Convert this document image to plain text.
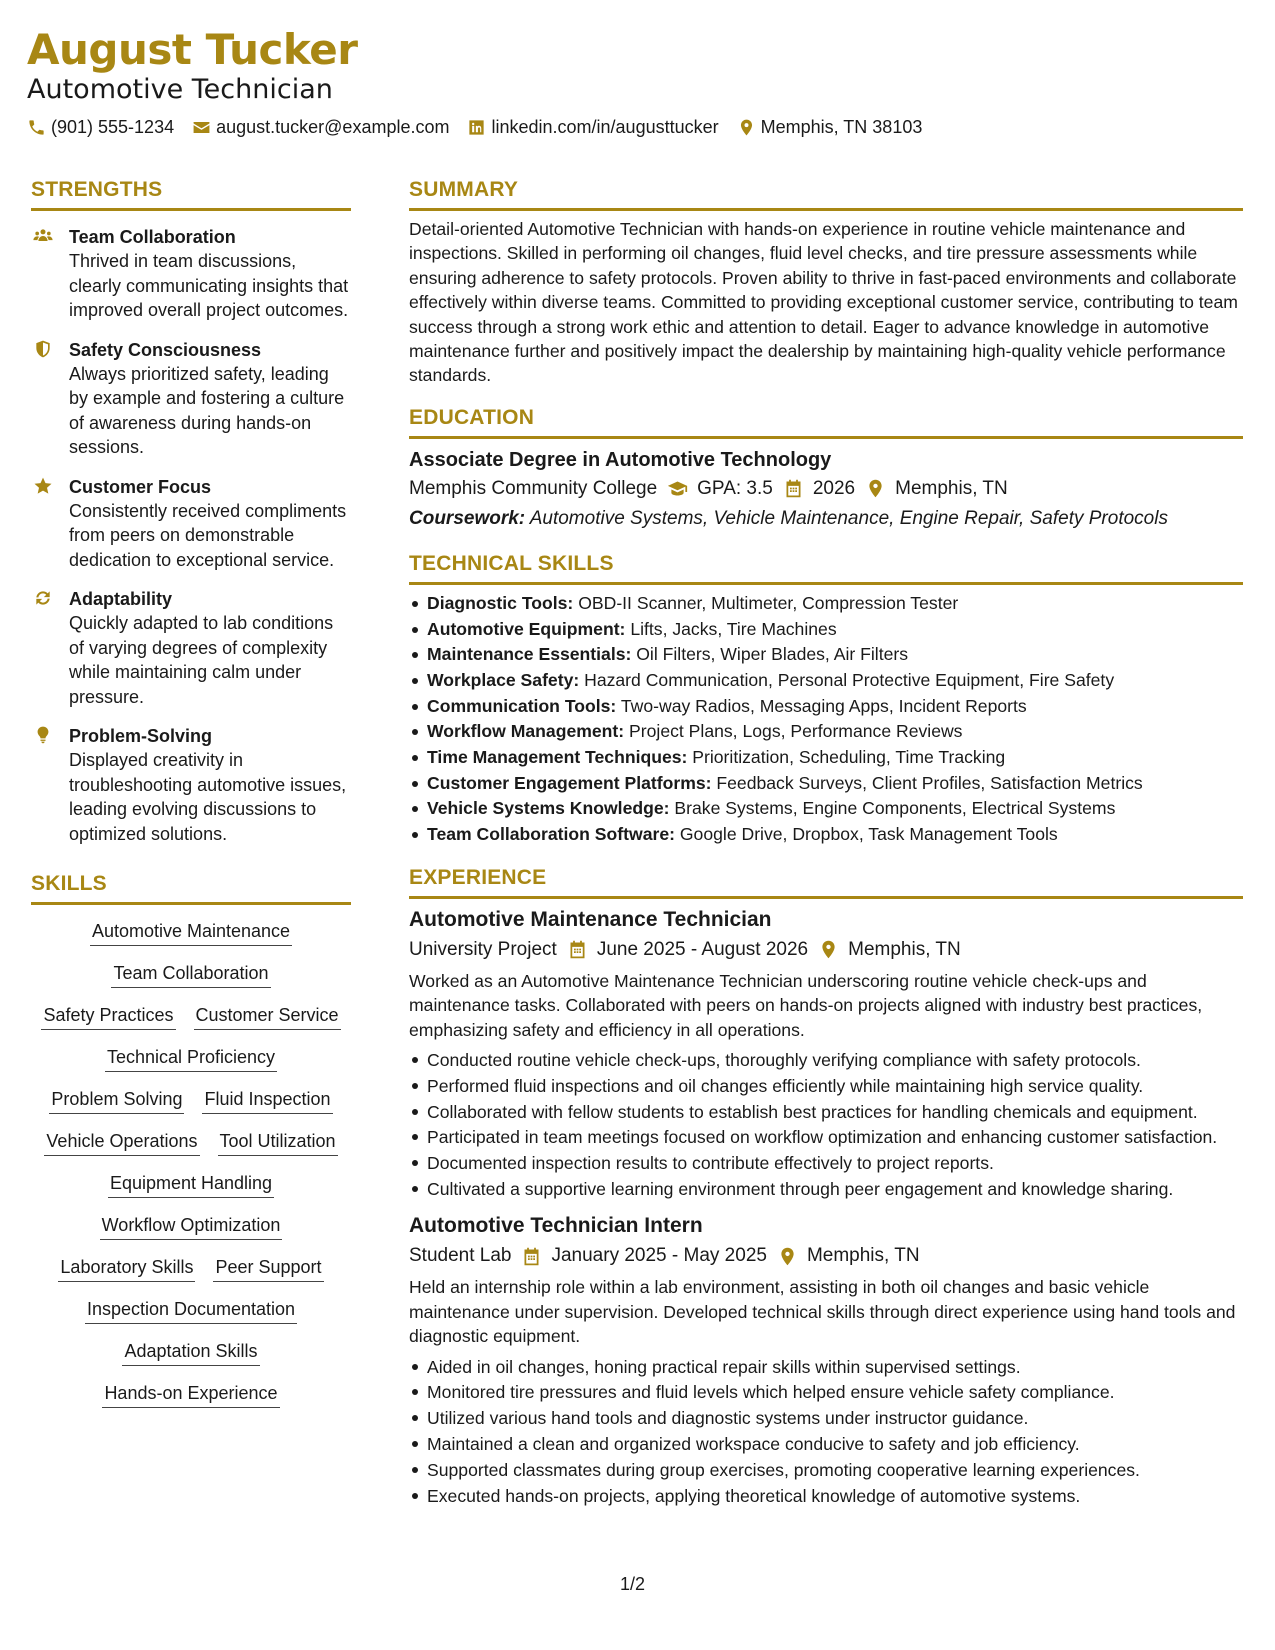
August Tucker
Automotive Technician
(901) 555-1234 august.tucker@example.com linkedin.com/in/augusttucker Memphis, TN 38103
STRENGTHS
Team Collaboration
Thrived in team discussions, clearly communicating insights that improved overall project outcomes.
Safety Consciousness
Always prioritized safety, leading by example and fostering a culture of awareness during hands-on sessions.
Customer Focus
Consistently received compliments from peers on demonstrable dedication to exceptional service.
Adaptability
Quickly adapted to lab conditions of varying degrees of complexity while maintaining calm under pressure.
Problem-Solving
Displayed creativity in troubleshooting automotive issues, leading evolving discussions to optimized solutions.
SKILLS
Automotive Maintenance
Team Collaboration
Safety Practices Customer Service
Technical Proficiency
Problem Solving Fluid Inspection
Vehicle Operations Tool Utilization
Equipment Handling
Workflow Optimization
Laboratory Skills Peer Support
Inspection Documentation
Adaptation Skills
Hands-on Experience
SUMMARY
Detail-oriented Automotive Technician with hands-on experience in routine vehicle maintenance and inspections. Skilled in performing oil changes, fluid level checks, and tire pressure assessments while ensuring adherence to safety protocols. Proven ability to thrive in fast-paced environments and collaborate effectively within diverse teams. Committed to providing exceptional customer service, contributing to team success through a strong work ethic and attention to detail. Eager to advance knowledge in automotive maintenance further and positively impact the dealership by maintaining high-quality vehicle performance standards.
EDUCATION
Associate Degree in Automotive Technology
Memphis Community College GPA: 3.5 2026 Memphis, TN
Coursework: Automotive Systems, Vehicle Maintenance, Engine Repair, Safety Protocols
TECHNICAL SKILLS
Diagnostic Tools: OBD-II Scanner, Multimeter, Compression Tester
Automotive Equipment: Lifts, Jacks, Tire Machines
Maintenance Essentials: Oil Filters, Wiper Blades, Air Filters
Workplace Safety: Hazard Communication, Personal Protective Equipment, Fire Safety
Communication Tools: Two-way Radios, Messaging Apps, Incident Reports
Workflow Management: Project Plans, Logs, Performance Reviews
Time Management Techniques: Prioritization, Scheduling, Time Tracking
Customer Engagement Platforms: Feedback Surveys, Client Profiles, Satisfaction Metrics
Vehicle Systems Knowledge: Brake Systems, Engine Components, Electrical Systems
Team Collaboration Software: Google Drive, Dropbox, Task Management Tools
EXPERIENCE
Automotive Maintenance Technician
University Project June 2025 - August 2026 Memphis, TN
Worked as an Automotive Maintenance Technician underscoring routine vehicle check-ups and maintenance tasks. Collaborated with peers on hands-on projects aligned with industry best practices, emphasizing safety and efficiency in all operations.
Conducted routine vehicle check-ups, thoroughly verifying compliance with safety protocols.
Performed fluid inspections and oil changes efficiently while maintaining high service quality.
Collaborated with fellow students to establish best practices for handling chemicals and equipment.
Participated in team meetings focused on workflow optimization and enhancing customer satisfaction.
Documented inspection results to contribute effectively to project reports.
Cultivated a supportive learning environment through peer engagement and knowledge sharing.
Automotive Technician Intern
Student Lab January 2025 - May 2025 Memphis, TN
Held an internship role within a lab environment, assisting in both oil changes and basic vehicle maintenance under supervision. Developed technical skills through direct experience using hand tools and diagnostic equipment.
Aided in oil changes, honing practical repair skills within supervised settings.
Monitored tire pressures and fluid levels which helped ensure vehicle safety compliance.
Utilized various hand tools and diagnostic systems under instructor guidance.
Maintained a clean and organized workspace conducive to safety and job efficiency.
Supported classmates during group exercises, promoting cooperative learning experiences.
Executed hands-on projects, applying theoretical knowledge of automotive systems.
1/2
